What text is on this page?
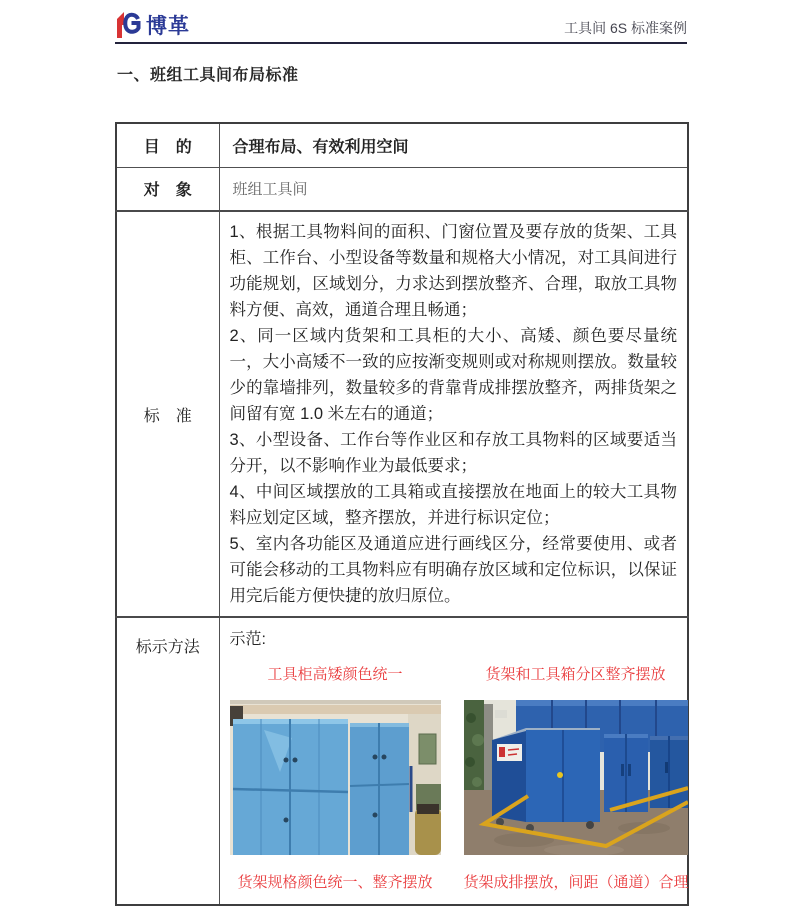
博革	工具间 6S 标准案例
一、班组工具间布局标准
目　的	合理布局、有效利用空间
对　象	班组工具间
标　准	1、根据工具物料间的面积、门窗位置及要存放的货架、工具柜、工作台、小型设备等数量和规格大小情况，对工具间进行功能规划，区域划分，力求达到摆放整齐、合理，取放工具物料方便、高效，通道合理且畅通；

2、同一区域内货架和工具柜的大小、高矮、颜色要尽量统一，大小高矮不一致的应按渐变规则或对称规则摆放。数量较少的靠墙排列，数量较多的背靠背成排摆放整齐，两排货架之间留有宽 1.0 米左右的通道；

3、小型设备、工作台等作业区和存放工具物料的区域要适当分开，以不影响作业为最低要求；

4、中间区域摆放的工具箱或直接摆放在地面上的较大工具物料应划定区域，整齐摆放，并进行标识定位；

5、室内各功能区及通道应进行画线区分，经常要使用、或者可能会移动的工具物料应有明确存放区域和定位标识，以保证用完后能方便快捷的放归原位。

标示方法	示范:
工具柜高矮颜色统一
货架规格颜色统一、整齐摆放
货架和工具箱分区整齐摆放
货架成排摆放，间距（通道）合理
